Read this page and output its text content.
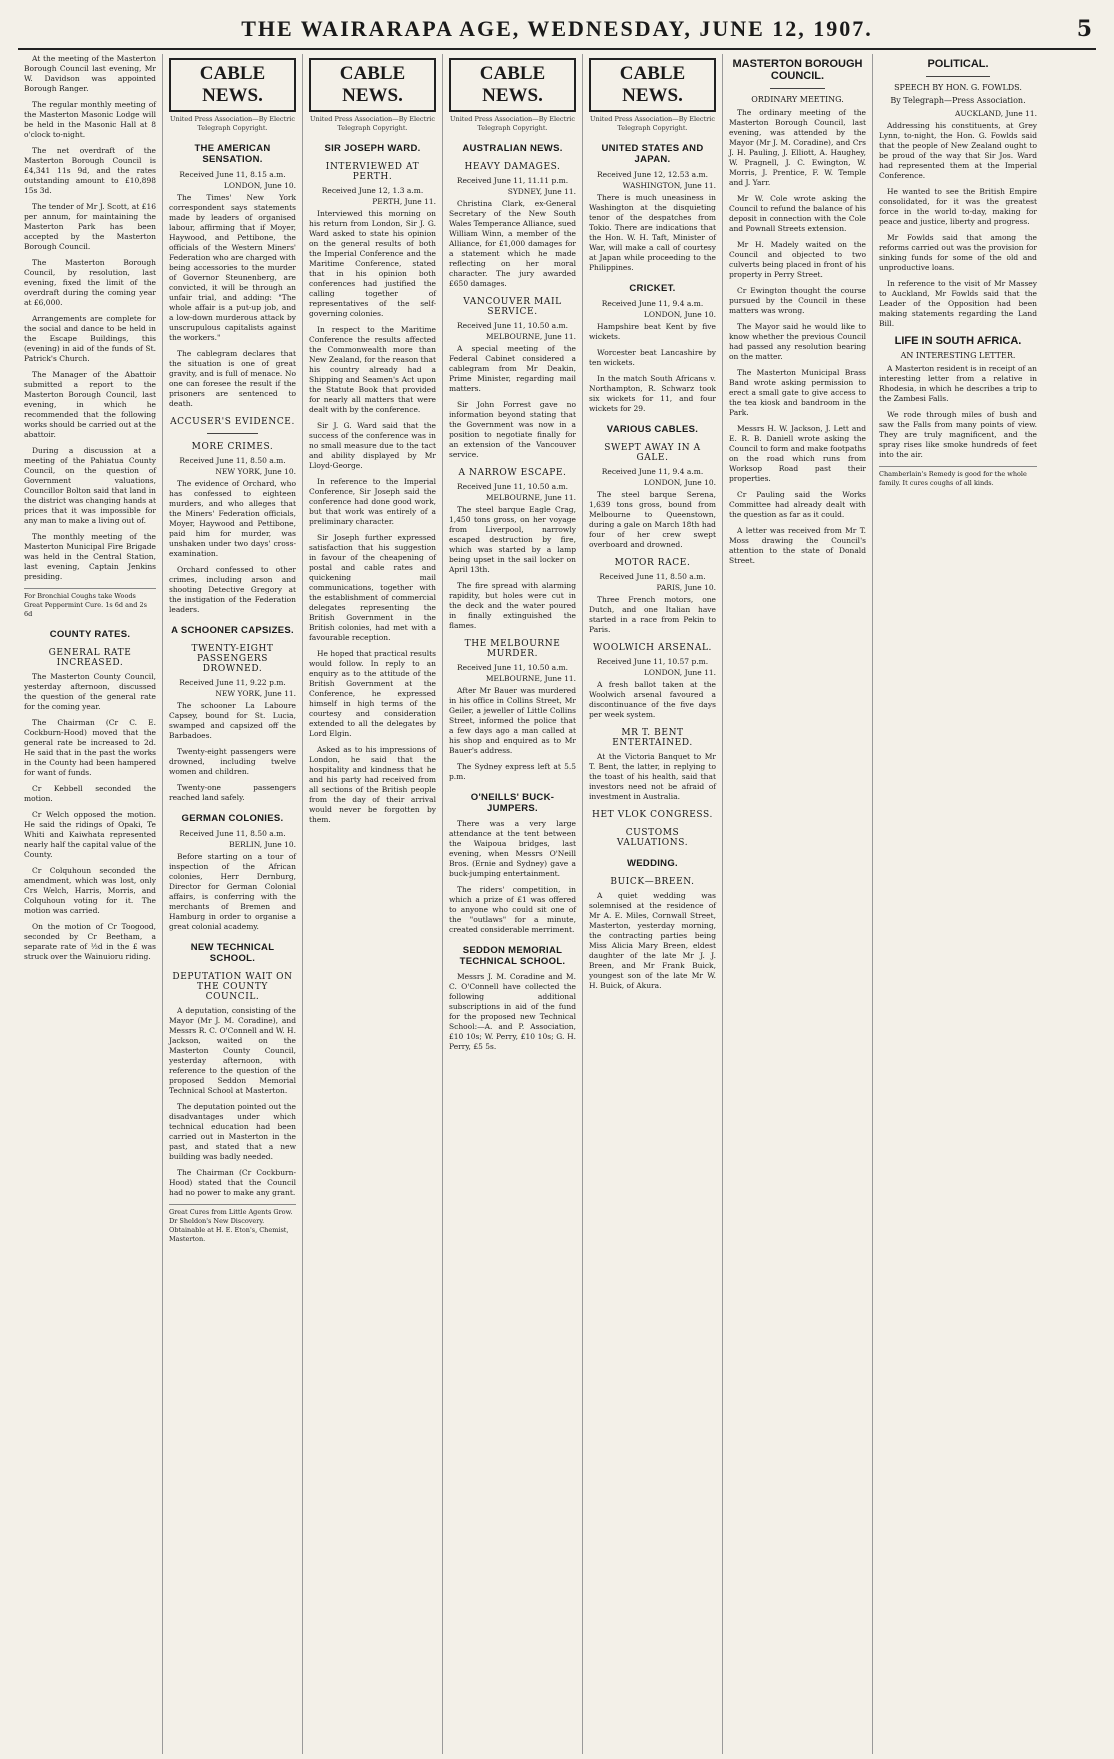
THE WAIRARAPA AGE, WEDNESDAY, JUNE 12, 1907.	5

At the meeting of the Masterton Borough Council last evening, Mr W. Davidson was appointed Borough Ranger.

The regular monthly meeting of the Masterton Masonic Lodge will be held in the Masonic Hall at 8 o'clock to-night.

The net overdraft of the Masterton Borough Council is £4,341 11s 9d, and the rates outstanding amount to £10,898 15s 3d.

The tender of Mr J. Scott, at £16 per annum, for maintaining the Masterton Park has been accepted by the Masterton Borough Council.

The Masterton Borough Council, by resolution, last evening, fixed the limit of the overdraft during the coming year at £6,000.

Arrangements are complete for the social and dance to be held in the Escape Buildings, this (evening) in aid of the funds of St. Patrick's Church.

The Manager of the Abattoir submitted a report to the Masterton Borough Council, last evening, in which he recommended that the following works should be carried out at the abattoir.

During a discussion at a meeting of the Pahiatua County Council, on the question of Government valuations, Councillor Bolton said that land in the district was changing hands at prices that it was impossible for any man to make a living out of.

The monthly meeting of the Masterton Municipal Fire Brigade was held in the Central Station, last evening, Captain Jenkins presiding.

For Bronchial Coughs take Woods Great Peppermint Cure. 1s 6d and 2s 6d
COUNTY RATES.
GENERAL RATE INCREASED.

The Masterton County Council, yesterday afternoon, discussed the question of the general rate for the coming year.

The Chairman (Cr C. E. Cockburn-Hood) moved that the general rate be increased to 2d. He said that in the past the works in the County had been hampered for want of funds.

Cr Kebbell seconded the motion.

Cr Welch opposed the motion. He said the ridings of Opaki, Te Whiti and Kaiwhata represented nearly half the capital value of the County.

Cr Colquhoun seconded the amendment, which was lost, only Crs Welch, Harris, Morris, and Colquhoun voting for it. The motion was carried.

On the motion of Cr Toogood, seconded by Cr Beetham, a separate rate of ½d in the £ was struck over the Wainuioru riding.

CABLE NEWS.
United Press Association—By Electric Telegraph Copyright.
THE AMERICAN SENSATION.
Received June 11, 8.15 a.m.
LONDON, June 10.

The Times' New York correspondent says statements made by leaders of organised labour, affirming that if Moyer, Haywood, and Pettibone, the officials of the Western Miners' Federation who are charged with being accessories to the murder of Governor Steunenberg, are convicted, it will be through an unfair trial, and adding: "The whole affair is a put-up job, and a low-down murderous attack by unscrupulous capitalists against the workers."

The cablegram declares that the situation is one of great gravity, and is full of menace. No one can foresee the result if the prisoners are sentenced to death.

ACCUSER'S EVIDENCE.
MORE CRIMES.
Received June 11, 8.50 a.m.
NEW YORK, June 10.

The evidence of Orchard, who has confessed to eighteen murders, and who alleges that the Miners' Federation officials, Moyer, Haywood and Pettibone, paid him for murder, was unshaken under two days' cross-examination.

Orchard confessed to other crimes, including arson and shooting Detective Gregory at the instigation of the Federation leaders.

A SCHOONER CAPSIZES.
TWENTY-EIGHT PASSENGERS DROWNED.
Received June 11, 9.22 p.m.
NEW YORK, June 11.

The schooner La Laboure Capsey, bound for St. Lucia, swamped and capsized off the Barbadoes.

Twenty-eight passengers were drowned, including twelve women and children.

Twenty-one passengers reached land safely.

GERMAN COLONIES.
Received June 11, 8.50 a.m.
BERLIN, June 10.

Before starting on a tour of inspection of the African colonies, Herr Dernburg, Director for German Colonial affairs, is conferring with the merchants of Bremen and Hamburg in order to organise a great colonial academy.

NEW TECHNICAL SCHOOL.
DEPUTATION WAIT ON THE COUNTY COUNCIL.

A deputation, consisting of the Mayor (Mr J. M. Coradine), and Messrs R. C. O'Connell and W. H. Jackson, waited on the Masterton County Council, yesterday afternoon, with reference to the question of the proposed Seddon Memorial Technical School at Masterton.

The deputation pointed out the disadvantages under which technical education had been carried out in Masterton in the past, and stated that a new building was badly needed.

The Chairman (Cr Cockburn-Hood) stated that the Council had no power to make any grant.

Great Cures from Little Agents Grow. Dr Sheldon's New Discovery. Obtainable at H. E. Eton's, Chemist, Masterton.
CABLE NEWS.
United Press Association—By Electric Telegraph Copyright.
SIR JOSEPH WARD.
INTERVIEWED AT PERTH.
Received June 12, 1.3 a.m.
PERTH, June 11.

Interviewed this morning on his return from London, Sir J. G. Ward asked to state his opinion on the general results of both the Imperial Conference and the Maritime Conference, stated that in his opinion both conferences had justified the calling together of representatives of the self-governing colonies.

In respect to the Maritime Conference the results affected the Commonwealth more than New Zealand, for the reason that his country already had a Shipping and Seamen's Act upon the Statute Book that provided for nearly all matters that were dealt with by the conference.

Sir J. G. Ward said that the success of the conference was in no small measure due to the tact and ability displayed by Mr Lloyd-George.

In reference to the Imperial Conference, Sir Joseph said the conference had done good work, but that work was entirely of a preliminary character.

Sir Joseph further expressed satisfaction that his suggestion in favour of the cheapening of postal and cable rates and quickening mail communications, together with the establishment of commercial delegates representing the British Government in the British colonies, had met with a favourable reception.

He hoped that practical results would follow. In reply to an enquiry as to the attitude of the British Government at the Conference, he expressed himself in high terms of the courtesy and consideration extended to all the delegates by Lord Elgin.

Asked as to his impressions of London, he said that the hospitality and kindness that he and his party had received from all sections of the British people from the day of their arrival would never be forgotten by them.

CABLE NEWS.
United Press Association—By Electric Telegraph Copyright.
AUSTRALIAN NEWS.
HEAVY DAMAGES.
Received June 11, 11.11 p.m.
SYDNEY, June 11.

Christina Clark, ex-General Secretary of the New South Wales Temperance Alliance, sued William Winn, a member of the Alliance, for £1,000 damages for a statement which he made reflecting on her moral character. The jury awarded £650 damages.

VANCOUVER MAIL SERVICE.
Received June 11, 10.50 a.m.
MELBOURNE, June 11.

A special meeting of the Federal Cabinet considered a cablegram from Mr Deakin, Prime Minister, regarding mail matters.

Sir John Forrest gave no information beyond stating that the Government was now in a position to negotiate finally for an extension of the Vancouver service.

A NARROW ESCAPE.
Received June 11, 10.50 a.m.
MELBOURNE, June 11.

The steel barque Eagle Crag, 1,450 tons gross, on her voyage from Liverpool, narrowly escaped destruction by fire, which was started by a lamp being upset in the sail locker on April 13th.

The fire spread with alarming rapidity, but holes were cut in the deck and the water poured in finally extinguished the flames.

THE MELBOURNE MURDER.
Received June 11, 10.50 a.m.
MELBOURNE, June 11.

After Mr Bauer was murdered in his office in Collins Street, Mr Geiler, a jeweller of Little Collins Street, informed the police that a few days ago a man called at his shop and enquired as to Mr Bauer's address.

The Sydney express left at 5.5 p.m.

O'NEILLS' BUCK-JUMPERS.

There was a very large attendance at the tent between the Waipoua bridges, last evening, when Messrs O'Neill Bros. (Ernie and Sydney) gave a buck-jumping entertainment.

The riders' competition, in which a prize of £1 was offered to anyone who could sit one of the "outlaws" for a minute, created considerable merriment.

SEDDON MEMORIAL TECHNICAL SCHOOL.

Messrs J. M. Coradine and M. C. O'Connell have collected the following additional subscriptions in aid of the fund for the proposed new Technical School:—A. and P. Association, £10 10s; W. Perry, £10 10s; G. H. Perry, £5 5s.

CABLE NEWS.
United Press Association—By Electric Telegraph Copyright.
UNITED STATES AND JAPAN.
Received June 12, 12.53 a.m.
WASHINGTON, June 11.

There is much uneasiness in Washington at the disquieting tenor of the despatches from Tokio. There are indications that the Hon. W. H. Taft, Minister of War, will make a call of courtesy at Japan while proceeding to the Philippines.

CRICKET.
Received June 11, 9.4 a.m.
LONDON, June 10.

Hampshire beat Kent by five wickets.

Worcester beat Lancashire by ten wickets.

In the match South Africans v. Northampton, R. Schwarz took six wickets for 11, and four wickets for 29.

VARIOUS CABLES.
SWEPT AWAY IN A GALE.
Received June 11, 9.4 a.m.
LONDON, June 10.

The steel barque Serena, 1,639 tons gross, bound from Melbourne to Queenstown, during a gale on March 18th had four of her crew swept overboard and drowned.

MOTOR RACE.
Received June 11, 8.50 a.m.
PARIS, June 10.

Three French motors, one Dutch, and one Italian have started in a race from Pekin to Paris.

WOOLWICH ARSENAL.
Received June 11, 10.57 p.m.
LONDON, June 11.

A fresh ballot taken at the Woolwich arsenal favoured a discontinuance of the five days per week system.

MR T. BENT ENTERTAINED.

At the Victoria Banquet to Mr T. Bent, the latter, in replying to the toast of his health, said that investors need not be afraid of investment in Australia.

HET VLOK CONGRESS.
CUSTOMS VALUATIONS.
WEDDING.
BUICK—BREEN.

A quiet wedding was solemnised at the residence of Mr A. E. Miles, Cornwall Street, Masterton, yesterday morning, the contracting parties being Miss Alicia Mary Breen, eldest daughter of the late Mr J. J. Breen, and Mr Frank Buick, youngest son of the late Mr W. H. Buick, of Akura.

MASTERTON BOROUGH COUNCIL.
ORDINARY MEETING.

The ordinary meeting of the Masterton Borough Council, last evening, was attended by the Mayor (Mr J. M. Coradine), and Crs J. H. Pauling, J. Elliott, A. Haughey, W. Pragnell, J. C. Ewington, W. Morris, J. Prentice, F. W. Temple and J. Yarr.

Mr W. Cole wrote asking the Council to refund the balance of his deposit in connection with the Cole and Pownall Streets extension.

Mr H. Madely waited on the Council and objected to two culverts being placed in front of his property in Perry Street.

Cr Ewington thought the course pursued by the Council in these matters was wrong.

The Mayor said he would like to know whether the previous Council had passed any resolution bearing on the matter.

The Masterton Municipal Brass Band wrote asking permission to erect a small gate to give access to the tea kiosk and bandroom in the Park.

Messrs H. W. Jackson, J. Lett and E. R. B. Daniell wrote asking the Council to form and make footpaths on the road which runs from Worksop Road past their properties.

Cr Pauling said the Works Committee had already dealt with the question as far as it could.

A letter was received from Mr T. Moss drawing the Council's attention to the state of Donald Street.

POLITICAL.
SPEECH BY HON. G. FOWLDS.
By Telegraph—Press Association.
AUCKLAND, June 11.

Addressing his constituents, at Grey Lynn, to-night, the Hon. G. Fowlds said that the people of New Zealand ought to be proud of the way that Sir Jos. Ward had represented them at the Imperial Conference.

He wanted to see the British Empire consolidated, for it was the greatest force in the world to-day, making for peace and justice, liberty and progress.

Mr Fowlds said that among the reforms carried out was the provision for sinking funds for some of the old and unproductive loans.

In reference to the visit of Mr Massey to Auckland, Mr Fowlds said that the Leader of the Opposition had been making statements regarding the Land Bill.

LIFE IN SOUTH AFRICA.
AN INTERESTING LETTER.

A Masterton resident is in receipt of an interesting letter from a relative in Rhodesia, in which he describes a trip to the Zambesi Falls.

We rode through miles of bush and saw the Falls from many points of view. They are truly magnificent, and the spray rises like smoke hundreds of feet into the air.

Chamberlain's Remedy is good for the whole family. It cures coughs of all kinds.
